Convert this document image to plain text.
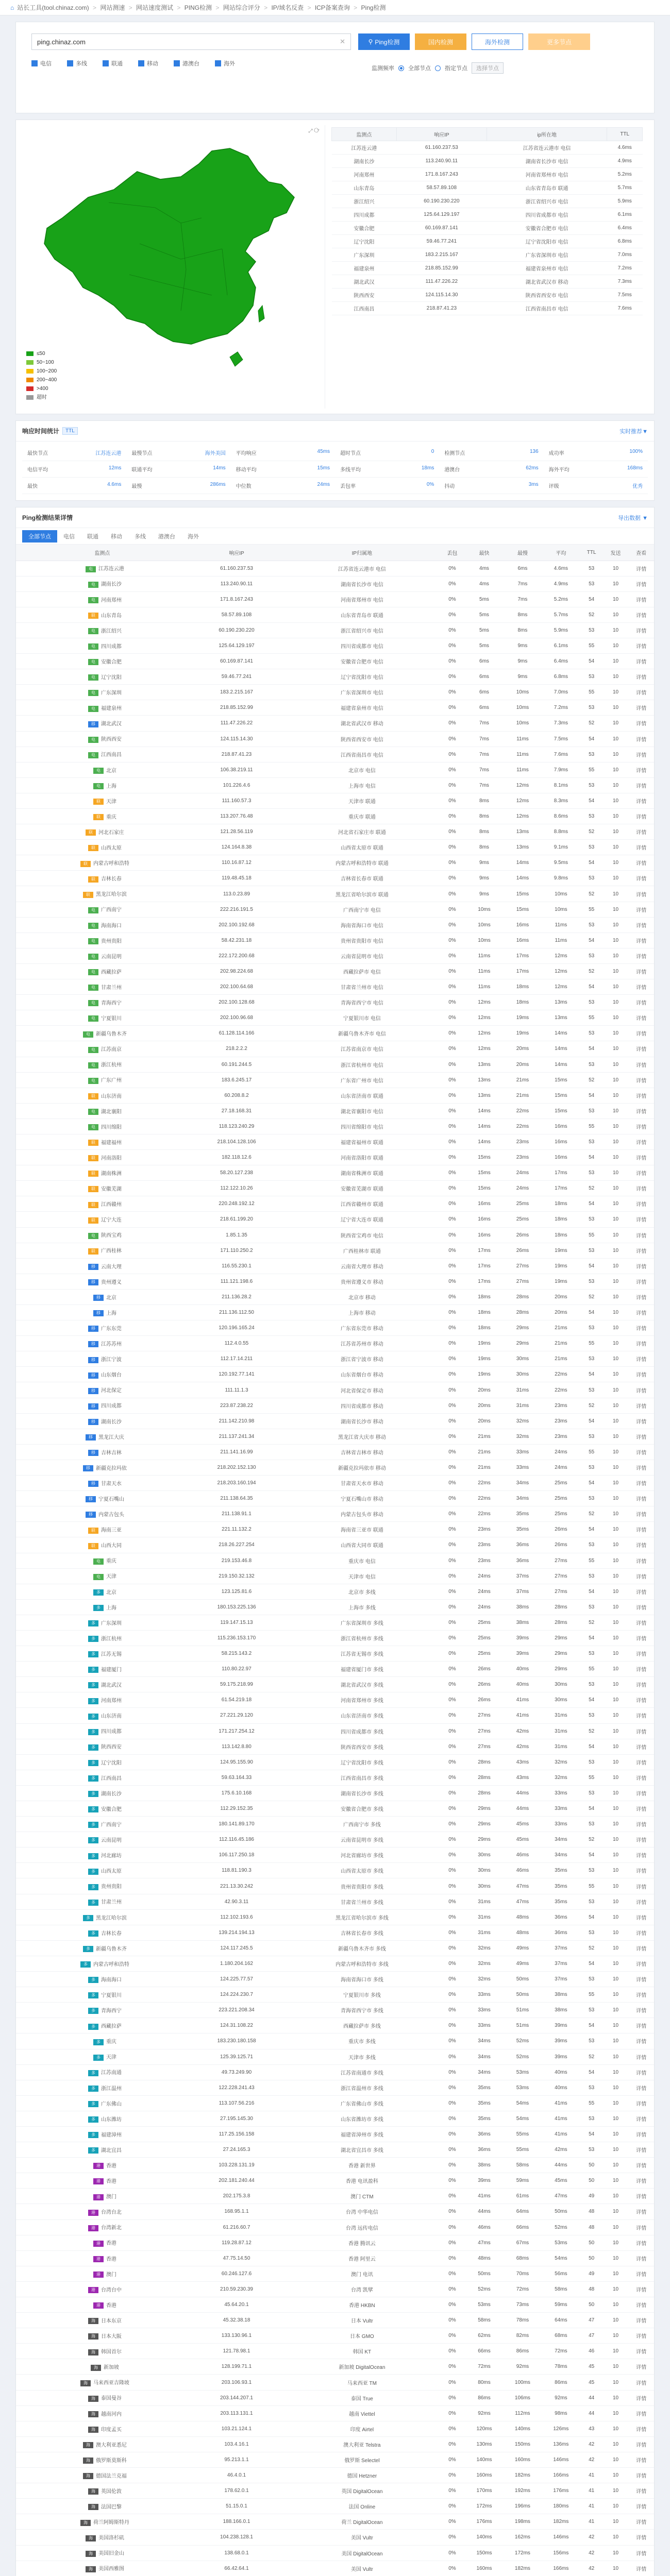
⌂ 站长工具(tool.chinaz.com) > 网站测速 > 网站速度测试 > PING检测 > 网站综合评分 > IP/域名反查 > ICP备案查询 > Ping检测
ping.chinaz.com	✕	⚲ Ping检测	国内检测	海外检测	更多节点
电信	多线	联通	移动	港澳台	海外
监测频率 全部节点 指定节点	选择节点
⤢ ⟳
≤50
50~100
100~200
200~400
>400
超时
监测点	响应IP	ip所在地	TTL
江苏连云港	61.160.237.53	江苏省连云港市 电信	4.6ms
湖南长沙	113.240.90.11	湖南省长沙市 电信	4.9ms
河南郑州	171.8.167.243	河南省郑州市 电信	5.2ms
山东青岛	58.57.89.108	山东省青岛市 联通	5.7ms
浙江绍兴	60.190.230.220	浙江省绍兴市 电信	5.9ms
四川成都	125.64.129.197	四川省成都市 电信	6.1ms
安徽合肥	60.169.87.141	安徽省合肥市 电信	6.4ms
辽宁沈阳	59.46.77.241	辽宁省沈阳市 电信	6.8ms
广东深圳	183.2.215.167	广东省深圳市 电信	7.0ms
福建泉州	218.85.152.99	福建省泉州市 电信	7.2ms
湖北武汉	111.47.226.22	湖北省武汉市 移动	7.3ms
陕西西安	124.115.14.30	陕西省西安市 电信	7.5ms
江西南昌	218.87.41.23	江西省南昌市 电信	7.6ms
响应时间统计	TTL	实时推荐▼
最快节点	江苏连云港 最慢节点	海外美国 平均响应	45ms 超时节点	0 检测节点	136 成功率	100%
电信平均	12ms 联通平均	14ms 移动平均	15ms 多线平均	18ms 港澳台	62ms 海外平均	168ms
最快	4.6ms 最慢	286ms 中位数	24ms 丢包率	0% 抖动	3ms 评级	优秀
Ping检测结果详情	导出数据 ▼
全部节点	电信	联通	移动	多线	港澳台	海外
监测点	响应IP	IP归属地	丢包	最快	最慢	平均	TTL	发送	查看
电 江苏连云港	61.160.237.53	江苏省连云港市 电信	0%	4ms	6ms	4.6ms	53	10	详情
电 湖南长沙	113.240.90.11	湖南省长沙市 电信	0%	4ms	7ms	4.9ms	53	10	详情
电 河南郑州	171.8.167.243	河南省郑州市 电信	0%	5ms	7ms	5.2ms	54	10	详情
联 山东青岛	58.57.89.108	山东省青岛市 联通	0%	5ms	8ms	5.7ms	52	10	详情
电 浙江绍兴	60.190.230.220	浙江省绍兴市 电信	0%	5ms	8ms	5.9ms	53	10	详情
电 四川成都	125.64.129.197	四川省成都市 电信	0%	5ms	9ms	6.1ms	55	10	详情
电 安徽合肥	60.169.87.141	安徽省合肥市 电信	0%	6ms	9ms	6.4ms	54	10	详情
电 辽宁沈阳	59.46.77.241	辽宁省沈阳市 电信	0%	6ms	9ms	6.8ms	53	10	详情
电 广东深圳	183.2.215.167	广东省深圳市 电信	0%	6ms	10ms	7.0ms	55	10	详情
电 福建泉州	218.85.152.99	福建省泉州市 电信	0%	6ms	10ms	7.2ms	53	10	详情
移 湖北武汉	111.47.226.22	湖北省武汉市 移动	0%	7ms	10ms	7.3ms	52	10	详情
电 陕西西安	124.115.14.30	陕西省西安市 电信	0%	7ms	11ms	7.5ms	54	10	详情
电 江西南昌	218.87.41.23	江西省南昌市 电信	0%	7ms	11ms	7.6ms	53	10	详情
电 北京	106.38.219.11	北京市 电信	0%	7ms	11ms	7.9ms	55	10	详情
电 上海	101.226.4.6	上海市 电信	0%	7ms	12ms	8.1ms	53	10	详情
联 天津	111.160.57.3	天津市 联通	0%	8ms	12ms	8.3ms	54	10	详情
联 重庆	113.207.76.48	重庆市 联通	0%	8ms	12ms	8.6ms	53	10	详情
联 河北石家庄	121.28.56.119	河北省石家庄市 联通	0%	8ms	13ms	8.8ms	52	10	详情
联 山西太原	124.164.8.38	山西省太原市 联通	0%	8ms	13ms	9.1ms	53	10	详情
联 内蒙古呼和浩特	110.16.87.12	内蒙古呼和浩特市 联通	0%	9ms	14ms	9.5ms	54	10	详情
联 吉林长春	119.48.45.18	吉林省长春市 联通	0%	9ms	14ms	9.8ms	53	10	详情
联 黑龙江哈尔滨	113.0.23.89	黑龙江省哈尔滨市 联通	0%	9ms	15ms	10ms	52	10	详情
电 广西南宁	222.216.191.5	广西南宁市 电信	0%	10ms	15ms	10ms	55	10	详情
电 海南海口	202.100.192.68	海南省海口市 电信	0%	10ms	16ms	11ms	53	10	详情
电 贵州贵阳	58.42.231.18	贵州省贵阳市 电信	0%	10ms	16ms	11ms	54	10	详情
电 云南昆明	222.172.200.68	云南省昆明市 电信	0%	11ms	17ms	12ms	53	10	详情
电 西藏拉萨	202.98.224.68	西藏拉萨市 电信	0%	11ms	17ms	12ms	52	10	详情
电 甘肃兰州	202.100.64.68	甘肃省兰州市 电信	0%	11ms	18ms	12ms	54	10	详情
电 青海西宁	202.100.128.68	青海省西宁市 电信	0%	12ms	18ms	13ms	53	10	详情
电 宁夏银川	202.100.96.68	宁夏银川市 电信	0%	12ms	19ms	13ms	55	10	详情
电 新疆乌鲁木齐	61.128.114.166	新疆乌鲁木齐市 电信	0%	12ms	19ms	14ms	53	10	详情
电 江苏南京	218.2.2.2	江苏省南京市 电信	0%	12ms	20ms	14ms	54	10	详情
电 浙江杭州	60.191.244.5	浙江省杭州市 电信	0%	13ms	20ms	14ms	53	10	详情
电 广东广州	183.6.245.17	广东省广州市 电信	0%	13ms	21ms	15ms	52	10	详情
联 山东济南	60.208.8.2	山东省济南市 联通	0%	13ms	21ms	15ms	54	10	详情
电 湖北襄阳	27.18.168.31	湖北省襄阳市 电信	0%	14ms	22ms	15ms	53	10	详情
电 四川绵阳	118.123.240.29	四川省绵阳市 电信	0%	14ms	22ms	16ms	55	10	详情
联 福建福州	218.104.128.106	福建省福州市 联通	0%	14ms	23ms	16ms	53	10	详情
联 河南洛阳	182.118.12.6	河南省洛阳市 联通	0%	15ms	23ms	16ms	54	10	详情
联 湖南株洲	58.20.127.238	湖南省株洲市 联通	0%	15ms	24ms	17ms	53	10	详情
联 安徽芜湖	112.122.10.26	安徽省芜湖市 联通	0%	15ms	24ms	17ms	52	10	详情
联 江西赣州	220.248.192.12	江西省赣州市 联通	0%	16ms	25ms	18ms	54	10	详情
联 辽宁大连	218.61.199.20	辽宁省大连市 联通	0%	16ms	25ms	18ms	53	10	详情
电 陕西宝鸡	1.85.1.35	陕西省宝鸡市 电信	0%	16ms	26ms	18ms	55	10	详情
联 广西桂林	171.110.250.2	广西桂林市 联通	0%	17ms	26ms	19ms	53	10	详情
移 云南大理	116.55.230.1	云南省大理市 移动	0%	17ms	27ms	19ms	54	10	详情
移 贵州遵义	111.121.198.6	贵州省遵义市 移动	0%	17ms	27ms	19ms	53	10	详情
移 北京	211.136.28.2	北京市 移动	0%	18ms	28ms	20ms	52	10	详情
移 上海	211.136.112.50	上海市 移动	0%	18ms	28ms	20ms	54	10	详情
移 广东东莞	120.196.165.24	广东省东莞市 移动	0%	18ms	29ms	21ms	53	10	详情
移 江苏苏州	112.4.0.55	江苏省苏州市 移动	0%	19ms	29ms	21ms	55	10	详情
移 浙江宁波	112.17.14.211	浙江省宁波市 移动	0%	19ms	30ms	21ms	53	10	详情
移 山东烟台	120.192.77.141	山东省烟台市 移动	0%	19ms	30ms	22ms	54	10	详情
移 河北保定	111.11.1.3	河北省保定市 移动	0%	20ms	31ms	22ms	53	10	详情
移 四川成都	223.87.238.22	四川省成都市 移动	0%	20ms	31ms	23ms	52	10	详情
移 湖南长沙	211.142.210.98	湖南省长沙市 移动	0%	20ms	32ms	23ms	54	10	详情
移 黑龙江大庆	211.137.241.34	黑龙江省大庆市 移动	0%	21ms	32ms	23ms	53	10	详情
移 吉林吉林	211.141.16.99	吉林省吉林市 移动	0%	21ms	33ms	24ms	55	10	详情
移 新疆克拉玛依	218.202.152.130	新疆克拉玛依市 移动	0%	21ms	33ms	24ms	53	10	详情
移 甘肃天水	218.203.160.194	甘肃省天水市 移动	0%	22ms	34ms	25ms	54	10	详情
移 宁夏石嘴山	211.138.64.35	宁夏石嘴山市 移动	0%	22ms	34ms	25ms	53	10	详情
移 内蒙古包头	211.138.91.1	内蒙古包头市 移动	0%	22ms	35ms	25ms	52	10	详情
联 海南三亚	221.11.132.2	海南省三亚市 联通	0%	23ms	35ms	26ms	54	10	详情
联 山西大同	218.26.227.254	山西省大同市 联通	0%	23ms	36ms	26ms	53	10	详情
电 重庆	219.153.46.8	重庆市 电信	0%	23ms	36ms	27ms	55	10	详情
电 天津	219.150.32.132	天津市 电信	0%	24ms	37ms	27ms	53	10	详情
多 北京	123.125.81.6	北京市 多线	0%	24ms	37ms	27ms	54	10	详情
多 上海	180.153.225.136	上海市 多线	0%	24ms	38ms	28ms	53	10	详情
多 广东深圳	119.147.15.13	广东省深圳市 多线	0%	25ms	38ms	28ms	52	10	详情
多 浙江杭州	115.236.153.170	浙江省杭州市 多线	0%	25ms	39ms	29ms	54	10	详情
多 江苏无锡	58.215.143.2	江苏省无锡市 多线	0%	25ms	39ms	29ms	53	10	详情
多 福建厦门	110.80.22.97	福建省厦门市 多线	0%	26ms	40ms	29ms	55	10	详情
多 湖北武汉	59.175.218.99	湖北省武汉市 多线	0%	26ms	40ms	30ms	53	10	详情
多 河南郑州	61.54.219.18	河南省郑州市 多线	0%	26ms	41ms	30ms	54	10	详情
多 山东济南	27.221.29.120	山东省济南市 多线	0%	27ms	41ms	31ms	53	10	详情
多 四川成都	171.217.254.12	四川省成都市 多线	0%	27ms	42ms	31ms	52	10	详情
多 陕西西安	113.142.8.80	陕西省西安市 多线	0%	27ms	42ms	31ms	54	10	详情
多 辽宁沈阳	124.95.155.90	辽宁省沈阳市 多线	0%	28ms	43ms	32ms	53	10	详情
多 江西南昌	59.63.164.33	江西省南昌市 多线	0%	28ms	43ms	32ms	55	10	详情
多 湖南长沙	175.6.10.168	湖南省长沙市 多线	0%	28ms	44ms	33ms	53	10	详情
多 安徽合肥	112.29.152.35	安徽省合肥市 多线	0%	29ms	44ms	33ms	54	10	详情
多 广西南宁	180.141.89.170	广西南宁市 多线	0%	29ms	45ms	33ms	53	10	详情
多 云南昆明	112.116.45.186	云南省昆明市 多线	0%	29ms	45ms	34ms	52	10	详情
多 河北廊坊	106.117.250.18	河北省廊坊市 多线	0%	30ms	46ms	34ms	54	10	详情
多 山西太原	118.81.190.3	山西省太原市 多线	0%	30ms	46ms	35ms	53	10	详情
多 贵州贵阳	221.13.30.242	贵州省贵阳市 多线	0%	30ms	47ms	35ms	55	10	详情
多 甘肃兰州	42.90.3.11	甘肃省兰州市 多线	0%	31ms	47ms	35ms	53	10	详情
多 黑龙江哈尔滨	112.102.193.6	黑龙江省哈尔滨市 多线	0%	31ms	48ms	36ms	54	10	详情
多 吉林长春	139.214.194.13	吉林省长春市 多线	0%	31ms	48ms	36ms	53	10	详情
多 新疆乌鲁木齐	124.117.245.5	新疆乌鲁木齐市 多线	0%	32ms	49ms	37ms	52	10	详情
多 内蒙古呼和浩特	1.180.204.162	内蒙古呼和浩特市 多线	0%	32ms	49ms	37ms	54	10	详情
多 海南海口	124.225.77.57	海南省海口市 多线	0%	32ms	50ms	37ms	53	10	详情
多 宁夏银川	124.224.230.7	宁夏银川市 多线	0%	33ms	50ms	38ms	55	10	详情
多 青海西宁	223.221.208.34	青海省西宁市 多线	0%	33ms	51ms	38ms	53	10	详情
多 西藏拉萨	124.31.108.22	西藏拉萨市 多线	0%	33ms	51ms	39ms	54	10	详情
多 重庆	183.230.180.158	重庆市 多线	0%	34ms	52ms	39ms	53	10	详情
多 天津	125.39.125.71	天津市 多线	0%	34ms	52ms	39ms	52	10	详情
多 江苏南通	49.73.249.90	江苏省南通市 多线	0%	34ms	53ms	40ms	54	10	详情
多 浙江温州	122.228.241.43	浙江省温州市 多线	0%	35ms	53ms	40ms	53	10	详情
多 广东佛山	113.107.56.216	广东省佛山市 多线	0%	35ms	54ms	41ms	55	10	详情
多 山东潍坊	27.195.145.30	山东省潍坊市 多线	0%	35ms	54ms	41ms	53	10	详情
多 福建漳州	117.25.156.158	福建省漳州市 多线	0%	36ms	55ms	41ms	54	10	详情
多 湖北宜昌	27.24.165.3	湖北省宜昌市 多线	0%	36ms	55ms	42ms	53	10	详情
港 香港	103.228.131.19	香港 新世界	0%	38ms	58ms	44ms	50	10	详情
港 香港	202.181.240.44	香港 电讯盈科	0%	39ms	59ms	45ms	50	10	详情
港 澳门	202.175.3.8	澳门 CTM	0%	41ms	61ms	47ms	49	10	详情
港 台湾台北	168.95.1.1	台湾 中华电信	0%	44ms	64ms	50ms	48	10	详情
港 台湾新北	61.216.60.7	台湾 远传电信	0%	46ms	66ms	52ms	48	10	详情
港 香港	119.28.87.12	香港 腾讯云	0%	47ms	67ms	53ms	50	10	详情
港 香港	47.75.14.50	香港 阿里云	0%	48ms	68ms	54ms	50	10	详情
港 澳门	60.246.127.6	澳门 电讯	0%	50ms	70ms	56ms	49	10	详情
港 台湾台中	210.59.230.39	台湾 凯擘	0%	52ms	72ms	58ms	48	10	详情
港 香港	45.64.20.1	香港 HKBN	0%	53ms	73ms	59ms	50	10	详情
海 日本东京	45.32.38.18	日本 Vultr	0%	58ms	78ms	64ms	47	10	详情
海 日本大阪	133.130.96.1	日本 GMO	0%	62ms	82ms	68ms	47	10	详情
海 韩国首尔	121.78.98.1	韩国 KT	0%	66ms	86ms	72ms	46	10	详情
海 新加坡	128.199.71.1	新加坡 DigitalOcean	0%	72ms	92ms	78ms	45	10	详情
海 马来西亚吉隆坡	203.106.93.1	马来西亚 TM	0%	80ms	100ms	86ms	45	10	详情
海 泰国曼谷	203.144.207.1	泰国 True	0%	86ms	106ms	92ms	44	10	详情
海 越南河内	203.113.131.1	越南 Viettel	0%	92ms	112ms	98ms	44	10	详情
海 印度孟买	103.21.124.1	印度 Airtel	0%	120ms	140ms	126ms	43	10	详情
海 澳大利亚悉尼	103.4.16.1	澳大利亚 Telstra	0%	130ms	150ms	136ms	42	10	详情
海 俄罗斯莫斯科	95.213.1.1	俄罗斯 Selectel	0%	140ms	160ms	146ms	42	10	详情
海 德国法兰克福	46.4.0.1	德国 Hetzner	0%	160ms	182ms	166ms	41	10	详情
海 英国伦敦	178.62.0.1	英国 DigitalOcean	0%	170ms	192ms	176ms	41	10	详情
海 法国巴黎	51.15.0.1	法国 Online	0%	172ms	196ms	180ms	41	10	详情
海 荷兰阿姆斯特丹	188.166.0.1	荷兰 DigitalOcean	0%	176ms	198ms	182ms	41	10	详情
海 美国洛杉矶	104.238.128.1	美国 Vultr	0%	140ms	162ms	146ms	42	10	详情
海 美国旧金山	138.68.0.1	美国 DigitalOcean	0%	150ms	172ms	156ms	42	10	详情
海 美国西雅图	66.42.64.1	美国 Vultr	0%	160ms	182ms	166ms	42	10	详情
